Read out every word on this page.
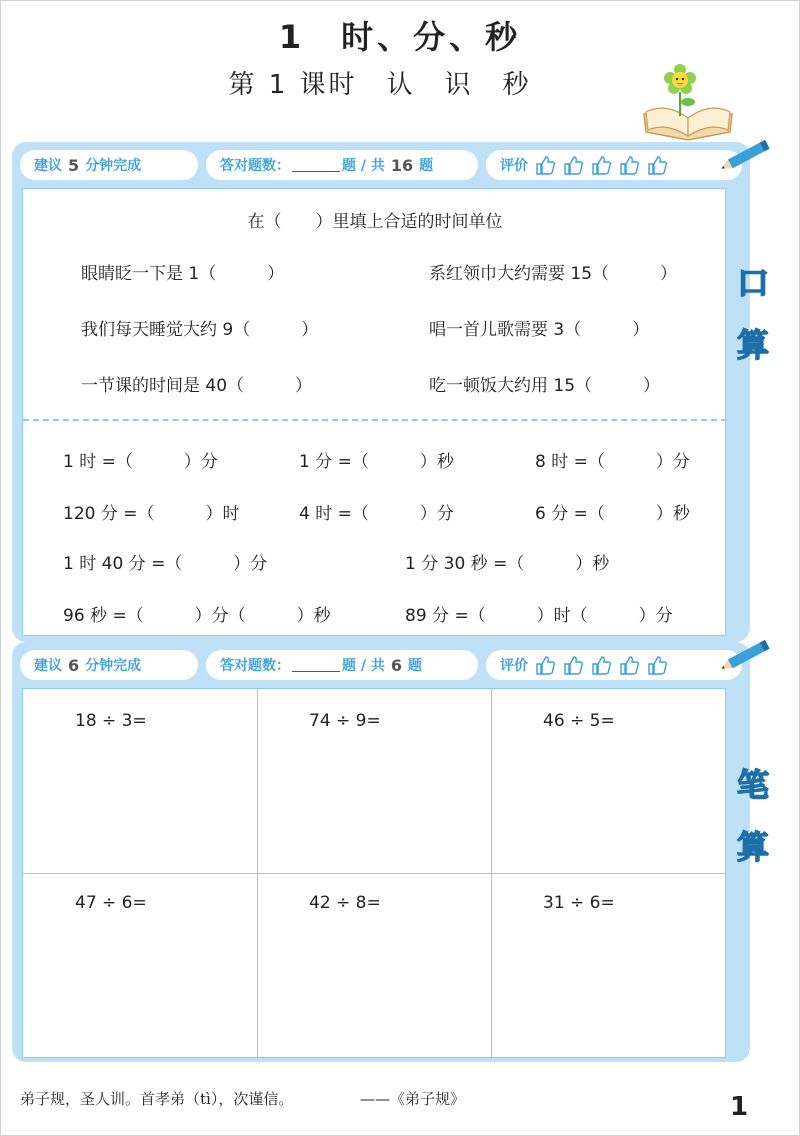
1　时、分、秒
第 1 课时　认　识　秒
建议 5 分钟完成	答对题数：	题 / 共 16 题	评价
在（　　）里填上合适的时间单位
眼睛眨一下是 1（　　　）	系红领巾大约需要 15（　　　）
我们每天睡觉大约 9（　　　）	唱一首儿歌需要 3（　　　）
一节课的时间是 40（　　　）	吃一顿饭大约用 15（　　　）
1 时 =（　　　）分	1 分 =（　　　）秒	8 时 =（　　　）分
120 分 =（　　　）时	4 时 =（　　　）分	6 分 =（　　　）秒
1 时 40 分 =（　　　）分	1 分 30 秒 =（　　　）秒
96 秒 =（　　　）分（　　　）秒	89 分 =（　　　）时（　　　）分
建议 6 分钟完成	答对题数：	题 / 共 6 题	评价
18 ÷ 3=	74 ÷ 9=	46 ÷ 5=
47 ÷ 6=	42 ÷ 8=	31 ÷ 6=
口
算
笔
算
弟子规，圣人训。首孝弟（tì），次谨信。	——《弟子规》	1
